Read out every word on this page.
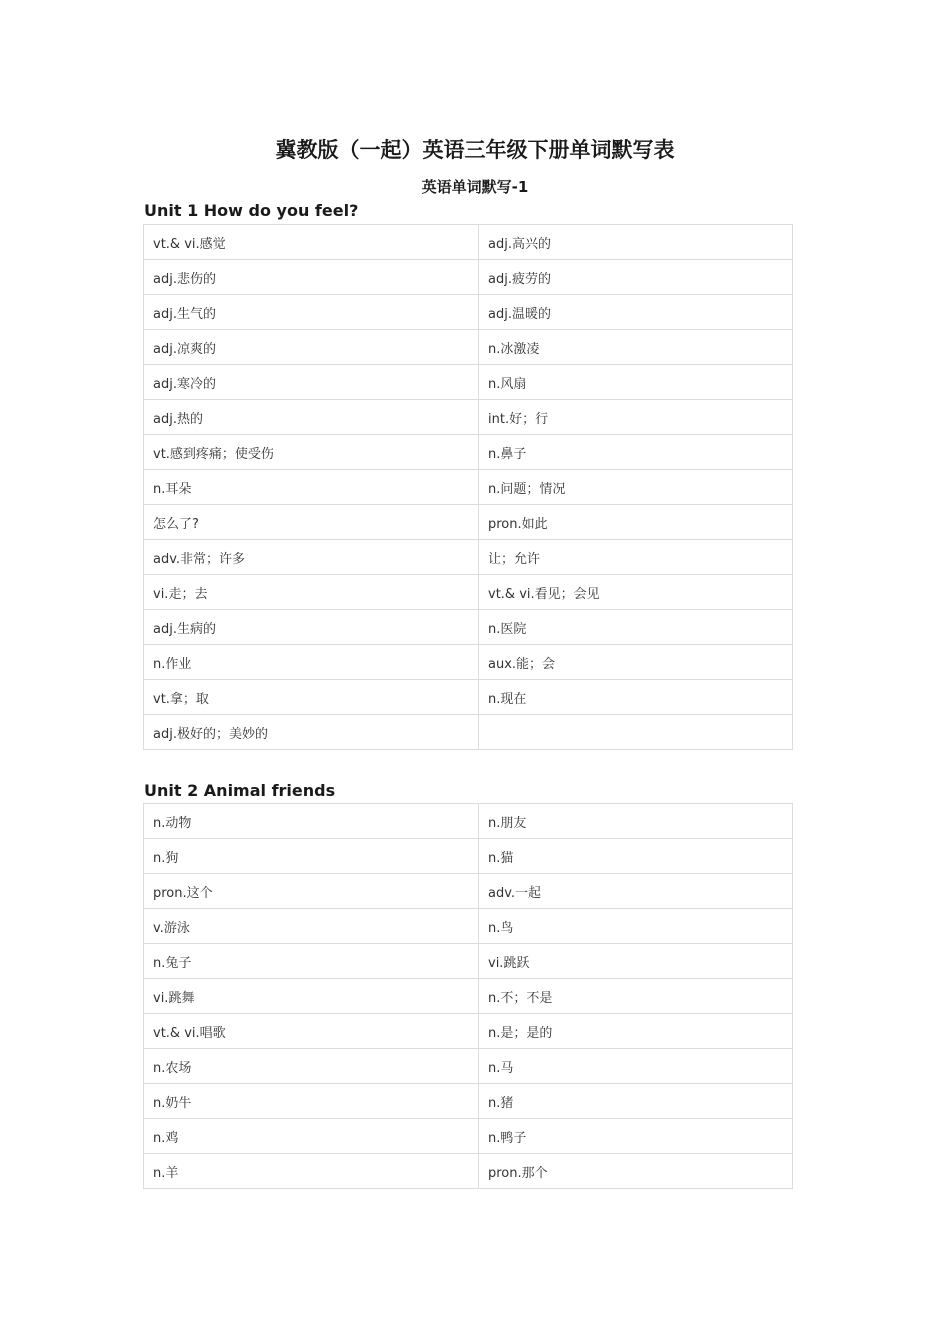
冀教版（一起）英语三年级下册单词默写表
英语单词默写-1
Unit 1 How do you feel?
vt.& vi.感觉	adj.高兴的
adj.悲伤的	adj.疲劳的
adj.生气的	adj.温暖的
adj.凉爽的	n.冰激凌
adj.寒冷的	n.风扇
adj.热的	int.好；行
vt.感到疼痛；使受伤	n.鼻子
n.耳朵	n.问题；情况
怎么了?	pron.如此
adv.非常；许多	让；允许
vi.走；去	vt.& vi.看见；会见
adj.生病的	n.医院
n.作业	aux.能；会
vt.拿；取	n.现在
adj.极好的；美妙的	
Unit 2 Animal friends
n.动物	n.朋友
n.狗	n.猫
pron.这个	adv.一起
v.游泳	n.鸟
n.兔子	vi.跳跃
vi.跳舞	n.不；不是
vt.& vi.唱歌	n.是；是的
n.农场	n.马
n.奶牛	n.猪
n.鸡	n.鸭子
n.羊	pron.那个
